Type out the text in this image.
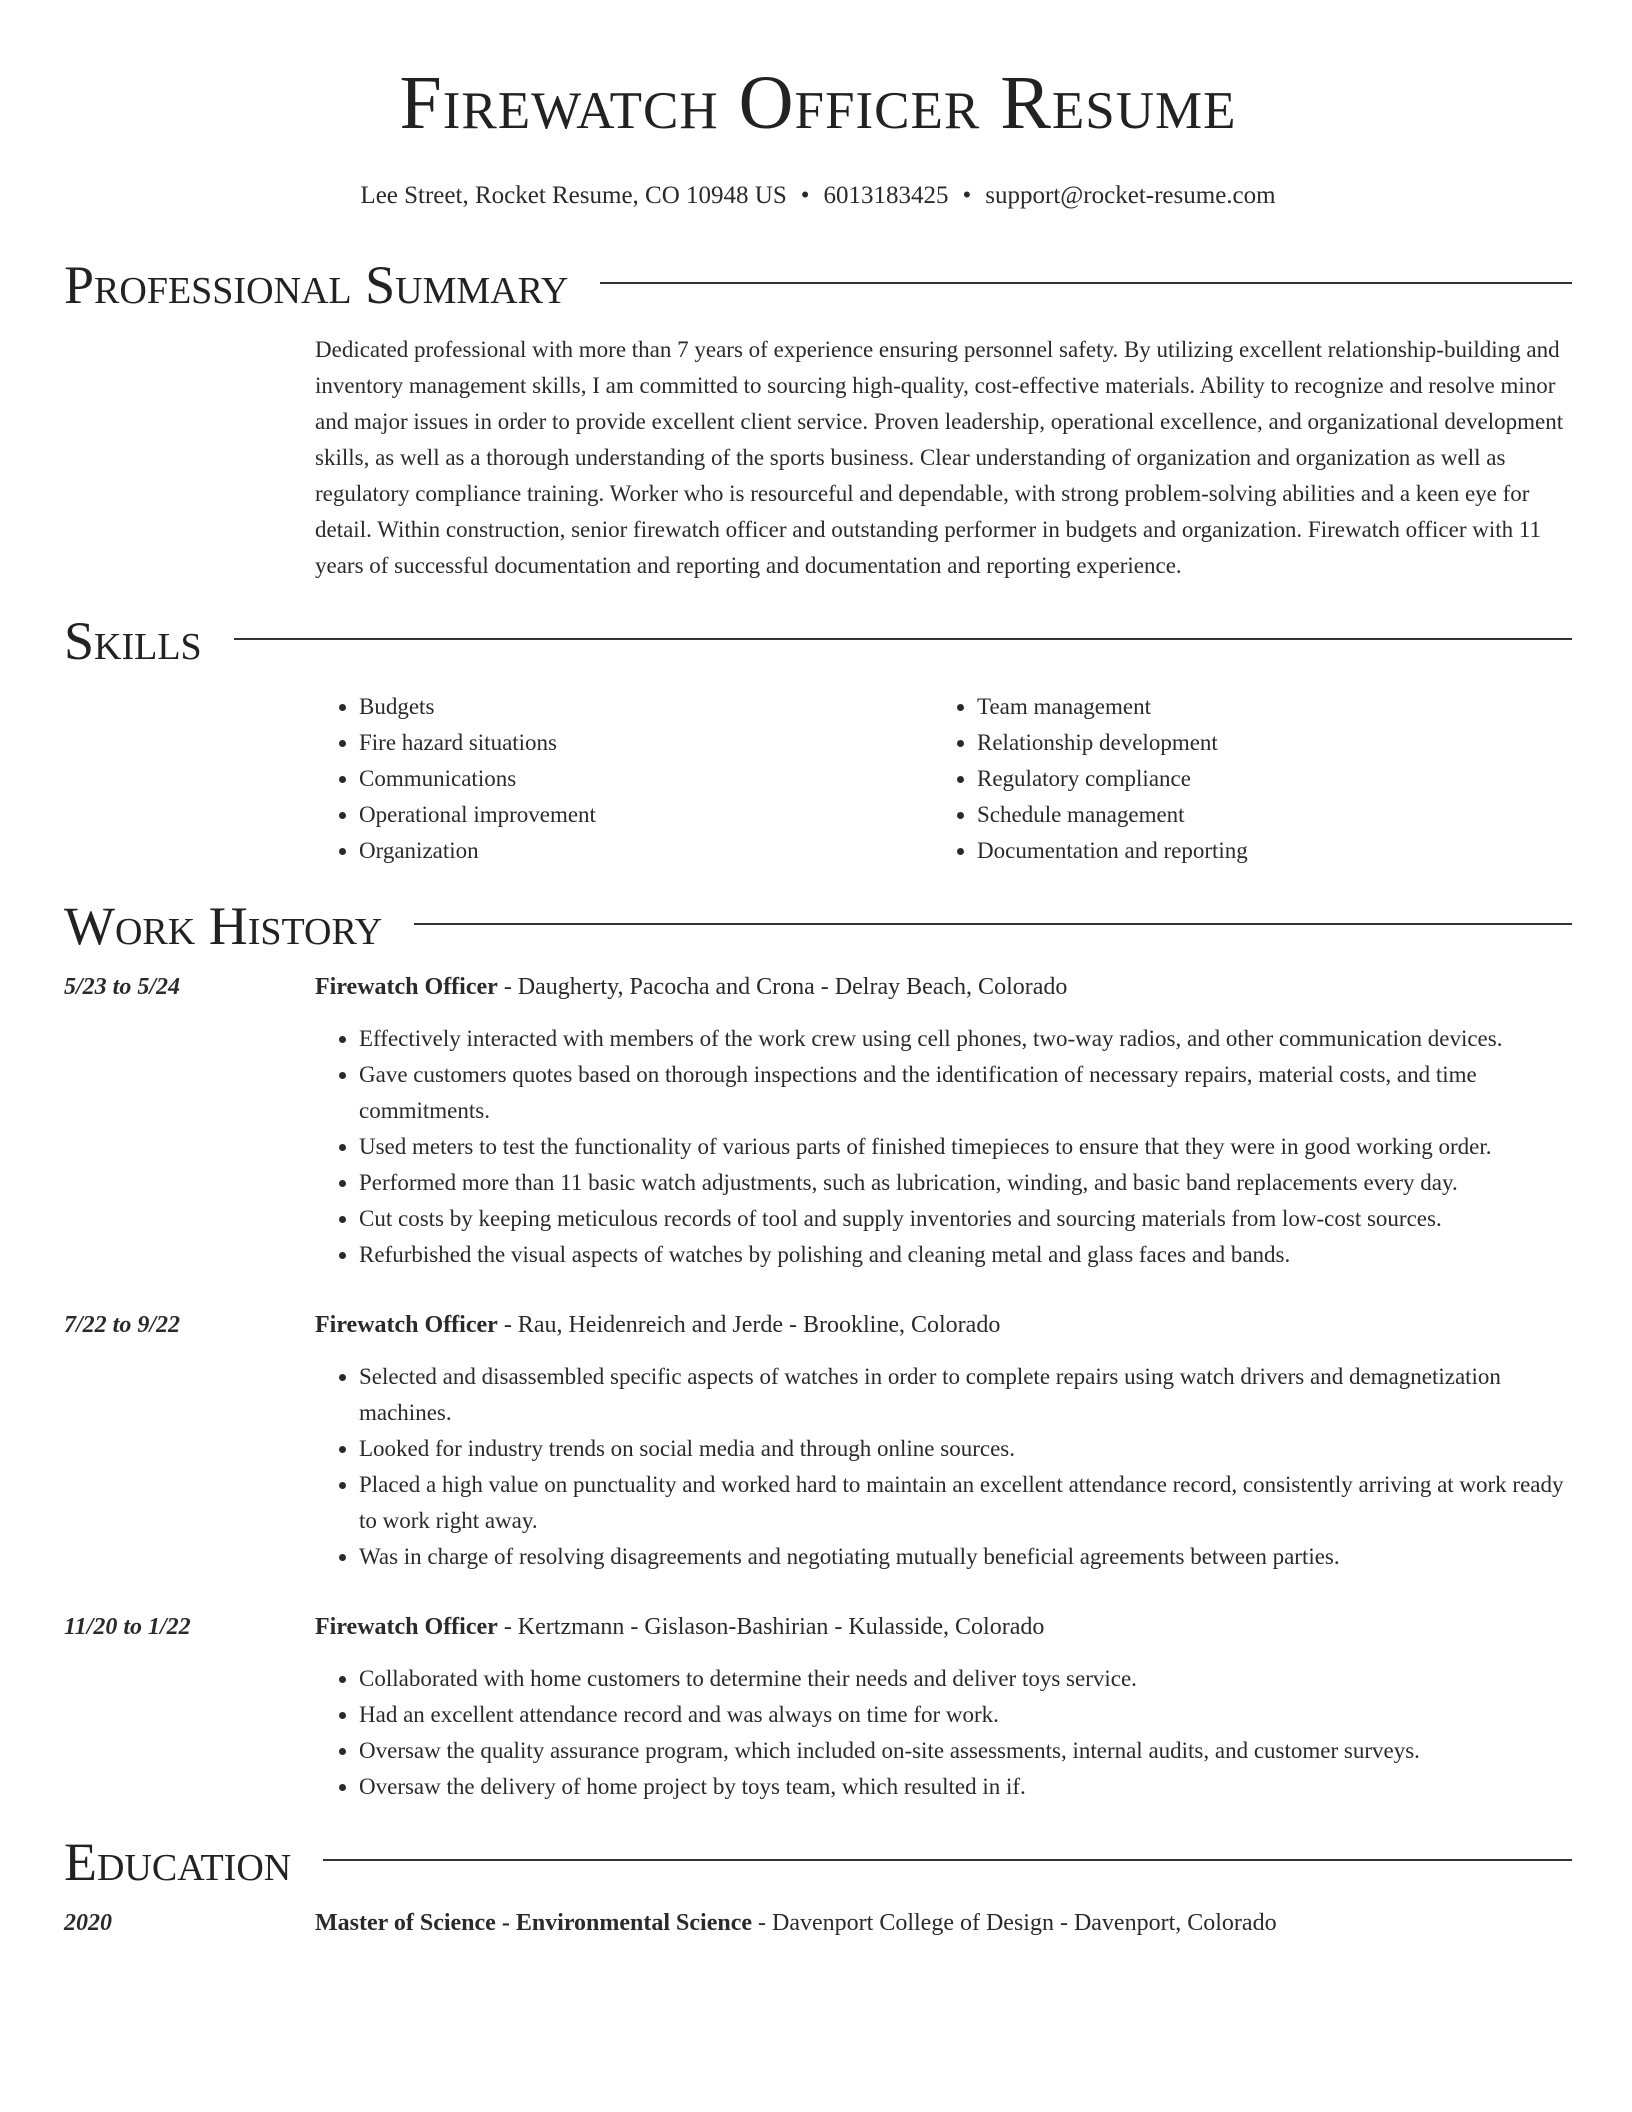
Firewatch Officer Resume
Lee Street, Rocket Resume, CO 10948 US • 6013183425 • support@rocket-resume.com
Professional Summary

Dedicated professional with more than 7 years of experience ensuring personnel safety. By utilizing excellent relationship-building and inventory management skills, I am committed to sourcing high-quality, cost-effective materials. Ability to recognize and resolve minor and major issues in order to provide excellent client service. Proven leadership, operational excellence, and organizational development skills, as well as a thorough understanding of the sports business. Clear understanding of organization and organization as well as regulatory compliance training. Worker who is resourceful and dependable, with strong problem-solving abilities and a keen eye for detail. Within construction, senior firewatch officer and outstanding performer in budgets and organization. Firewatch officer with 11 years of successful documentation and reporting and documentation and reporting experience.

Skills
• Budgets
• Fire hazard situations
• Communications
• Operational improvement
• Organization
• Team management
• Relationship development
• Regulatory compliance
• Schedule management
• Documentation and reporting
Work History
5/23 to 5/24	Firewatch Officer - Daugherty, Pacocha and Crona - Delray Beach, Colorado
• Effectively interacted with members of the work crew using cell phones, two-way radios, and other communication devices.
• Gave customers quotes based on thorough inspections and the identification of necessary repairs, material costs, and time commitments.
• Used meters to test the functionality of various parts of finished timepieces to ensure that they were in good working order.
• Performed more than 11 basic watch adjustments, such as lubrication, winding, and basic band replacements every day.
• Cut costs by keeping meticulous records of tool and supply inventories and sourcing materials from low-cost sources.
• Refurbished the visual aspects of watches by polishing and cleaning metal and glass faces and bands.
7/22 to 9/22	Firewatch Officer - Rau, Heidenreich and Jerde - Brookline, Colorado
• Selected and disassembled specific aspects of watches in order to complete repairs using watch drivers and demagnetization machines.
• Looked for industry trends on social media and through online sources.
• Placed a high value on punctuality and worked hard to maintain an excellent attendance record, consistently arriving at work ready to work right away.
• Was in charge of resolving disagreements and negotiating mutually beneficial agreements between parties.
11/20 to 1/22	Firewatch Officer - Kertzmann - Gislason-Bashirian - Kulasside, Colorado
• Collaborated with home customers to determine their needs and deliver toys service.
• Had an excellent attendance record and was always on time for work.
• Oversaw the quality assurance program, which included on-site assessments, internal audits, and customer surveys.
• Oversaw the delivery of home project by toys team, which resulted in if.
Education
2020	Master of Science - Environmental Science - Davenport College of Design - Davenport, Colorado
